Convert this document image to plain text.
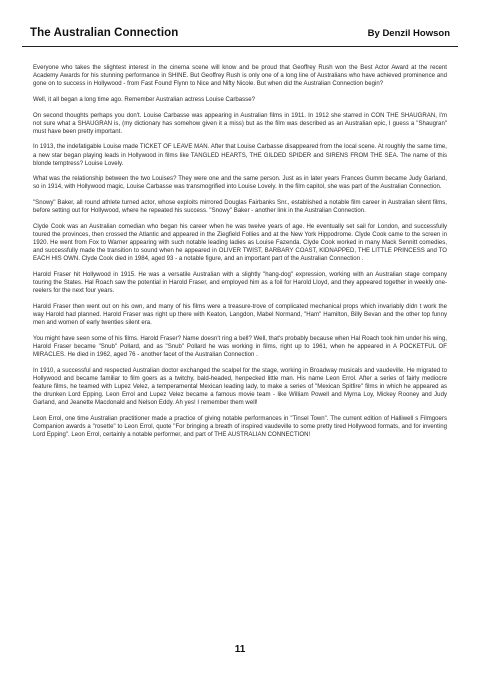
The Australian Connection	By Denzil Howson

Everyone who takes the slightest interest in the cinema scene will know and be proud that Geoffrey Rush won the Best Actor Award at the recent Academy Awards for his stunning performance in SHINE. But Geoffrey Rush is only one of a long line of Australians who have achieved prominence and gone on to success in Hollywood - from Fast Found Flynn to Nice and Nifty Nicole. But when did the Australian Connection begin?

Well, it all began a long time ago. Remember Australian actress Louise Carbasse?

On second thoughts perhaps you don't. Louise Carbasse was appearing in Australian films in 1911. In 1912 she starred in CON THE SHAUGRAN, I'm not sure what a SHAUGRAN is, (my dictionary has somehow given it a miss) but as the film was described as an Australian epic, I guess a "Shaugran" must have been pretty important.

In 1913, the indefatigable Louise made TICKET OF LEAVE MAN. After that Louise Carbasse disappeared from the local scene. At roughly the same time, a new star began playing leads in Hollywood in films like TANGLED HEARTS, THE GILDED SPIDER and SIRENS FROM THE SEA. The name of this blonde temptress? Louise Lovely.

What was the relationship between the two Louises? They were one and the same person. Just as in later years Frances Gumm became Judy Garland, so in 1914, with Hollywood magic, Louise Carbasse was transmogrified into Louise Lovely. In the film capitol, she was part of the Australian Connection.

"Snowy" Baker, all round athlete turned actor, whose exploits mirrored Douglas Fairbanks Snr., established a notable film career in Australian silent films, before setting out for Hollywood, where he repeated his success. "Snowy" Baker - another link in the Australian Connection.

Clyde Cook was an Australian comedian who began his career when he was twelve years of age. He eventually set sail for London, and successfully toured the provinces, then crossed the Atlantic and appeared in the Ziegfield Follies and at the New York Hippodrome. Clyde Cook came to the screen in 1920. He went from Fox to Warner appearing with such notable leading ladies as Louise Fazenda. Clyde Cook worked in many Mack Sennitt comedies, and successfully made the transition to sound when he appeared in OLIVER TWIST, BARBARY COAST, KIDNAPPED, THE LITTLE PRINCESS and TO EACH HIS OWN. Clyde Cook died in 1984, aged 93 - a notable figure, and an important part of the Australian Connection .

Harold Fraser hit Hollywood in 1915. He was a versatile Australian with a slightly "hang-dog" expression, working with an Australian stage company touring the States. Hal Roach saw the potential in Harold Fraser, and employed him as a foil for Harold Lloyd, and they appeared together in weekly one-reelers for the next four years.

Harold Fraser then went out on his own, and many of his films were a treasure-trove of complicated mechanical props which invariably didn t work the way Harold had planned. Harold Fraser was right up there with Keaton, Langdon, Mabel Normand, "Ham" Hamilton, Billy Bevan and the other top funny men and women of early twenties silent era.

You might have seen some of his films. Harold Fraser? Name doesn't ring a bell? Well, that's probably because when Hal Roach took him under his wing, Harold Fraser became "Snub" Pollard, and as "Snub" Pollard he was working in films, right up to 1961, when he appeared in A POCKETFUL OF MIRACLES. He died in 1962, aged 76 - another facet of the Australian Connection .

In 1910, a successful and respected Australian doctor exchanged the scalpel for the stage, working in Broadway musicals and vaudeville. He migrated to Hollywood and became familiar to film goers as a twitchy, bald-headed, henpecked little man. His name Leon Errol. After a series of fairly mediocre feature films, he teamed with Lupez Velez, a temperamental Mexican leading lady, to make a series of "Mexican Spitfire" films in which he appeared as the drunken Lord Epping. Leon Errol and Lupez Velez became a famous movie team - like William Powell and Myrna Loy, Mickey Rooney and Judy Garland, and Jeanette Macdonald and Nelson Eddy. Ah yes! I remember them well!

Leon Errol, one time Australian practitioner made a practice of giving notable performances in "Tinsel Town". The current edition of Halliwell s Filmgoers Companion awards a "rosette" to Leon Errol, quote "For bringing a breath of inspired vaudeville to some pretty tired Hollywood formats, and for inventing Lord Epping". Leon Errol, certainly a notable performer, and part of THE AUSTRALIAN CONNECTION!

11
